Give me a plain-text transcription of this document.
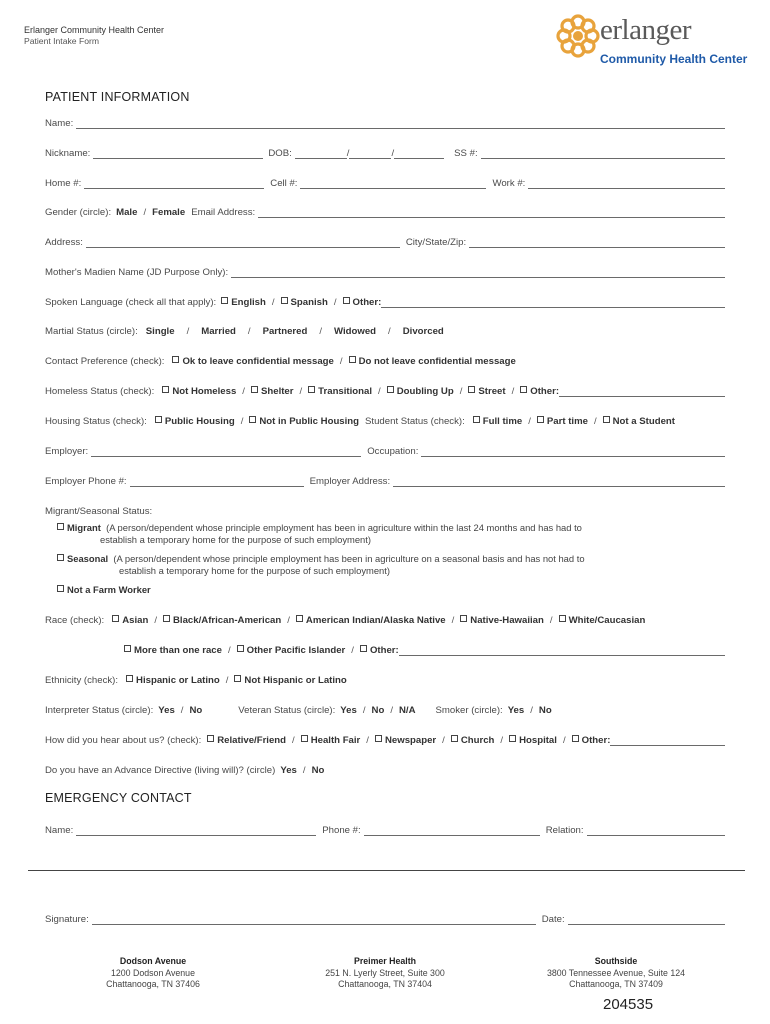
Erlanger Community Health Center
Patient Intake Form	erlanger
Community Health Center
PATIENT INFORMATION
Name:
Nickname:	DOB:	/	/	SS #:
Home #:	Cell #:	Work #:
Gender (circle): Male / Female Email Address:
Address:	City/State/Zip:
Mother's Madien Name (JD Purpose Only):
Spoken Language (check all that apply):	English /	Spanish /	Other:
Martial Status (circle): Single	/	Married	/	Partnered	/	Widowed	/	Divorced
Contact Preference (check):	Ok to leave confidential message /	Do not leave confidential message
Homeless Status (check):	Not Homeless /	Shelter /	Transitional /	Doubling Up /	Street /	Other:
Housing Status (check):	Public Housing /	Not in Public Housing Student Status (check):	Full time /	Part time /	Not a Student
Employer:	Occupation:
Employer Phone #:	Employer Address:
Migrant/Seasonal Status:
Migrant (A person/dependent whose principle employment has been in agriculture within the last 24 months and has had to
establish a temporary home for the purpose of such employment)
Seasonal (A person/dependent whose principle employment has been in agriculture on a seasonal basis and has not had to
establish a temporary home for the purpose of such employment)
Not a Farm Worker
Race (check):	Asian /	Black/African-American /	American Indian/Alaska Native /	Native-Hawaiian /	White/Caucasian
More than one race /	Other Pacific Islander /	Other:
Ethnicity (check):	Hispanic or Latino /	Not Hispanic or Latino
Interpreter Status (circle): Yes / No	Veteran Status (circle): Yes / No / N/A Smoker (circle): Yes / No
How did you hear about us? (check):	Relative/Friend /	Health Fair /	Newspaper /	Church /	Hospital /	Other:
Do you have an Advance Directive (living will)? (circle) Yes / No
EMERGENCY CONTACT
Name:	Phone #:	Relation:
Signature:	Date:
Dodson Avenue
1200 Dodson Avenue
Chattanooga, TN 37406
Preimer Health
251 N. Lyerly Street, Suite 300
Chattanooga, TN 37404
Southside
3800 Tennessee Avenue, Suite 124
Chattanooga, TN 37409
204535
